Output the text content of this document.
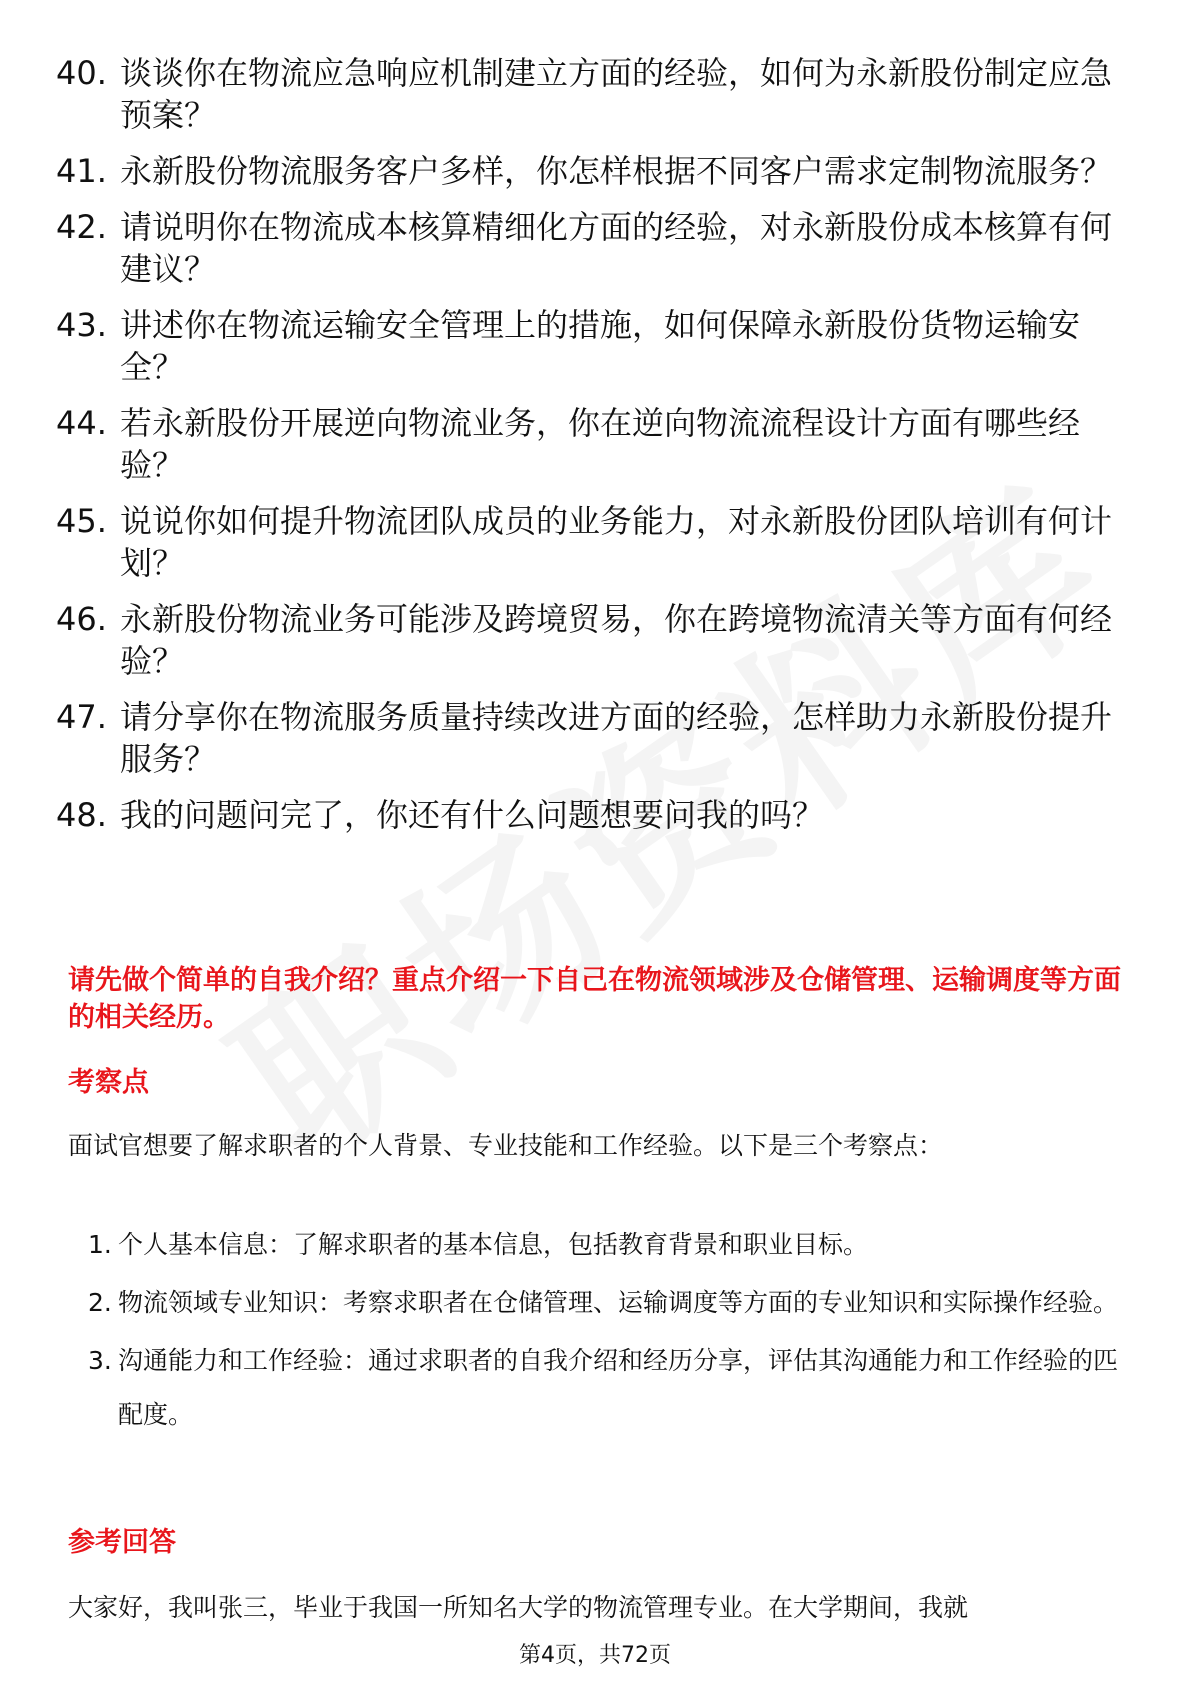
40. 谈谈你在物流应急响应机制建立方面的经验，如何为永新股份制定应急预案？
41. 永新股份物流服务客户多样，你怎样根据不同客户需求定制物流服务？
42. 请说明你在物流成本核算精细化方面的经验，对永新股份成本核算有何建议？
43. 讲述你在物流运输安全管理上的措施，如何保障永新股份货物运输安全？
44. 若永新股份开展逆向物流业务，你在逆向物流流程设计方面有哪些经验？
45. 说说你如何提升物流团队成员的业务能力，对永新股份团队培训有何计划？
46. 永新股份物流业务可能涉及跨境贸易，你在跨境物流清关等方面有何经验？
47. 请分享你在物流服务质量持续改进方面的经验，怎样助力永新股份提升服务？
48. 我的问题问完了，你还有什么问题想要问我的吗？
请先做个简单的自我介绍？重点介绍一下自己在物流领域涉及仓储管理、运输调度等方面的相关经历。
考察点
面试官想要了解求职者的个人背景、专业技能和工作经验。以下是三个考察点：
1. 个人基本信息：了解求职者的基本信息，包括教育背景和职业目标。
2. 物流领域专业知识：考察求职者在仓储管理、运输调度等方面的专业知识和实际操作经验。
3. 沟通能力和工作经验：通过求职者的自我介绍和经历分享，评估其沟通能力和工作经验的匹配度。
参考回答
大家好，我叫张三，毕业于我国一所知名大学的物流管理专业。在大学期间，我就
第4页，共72页
